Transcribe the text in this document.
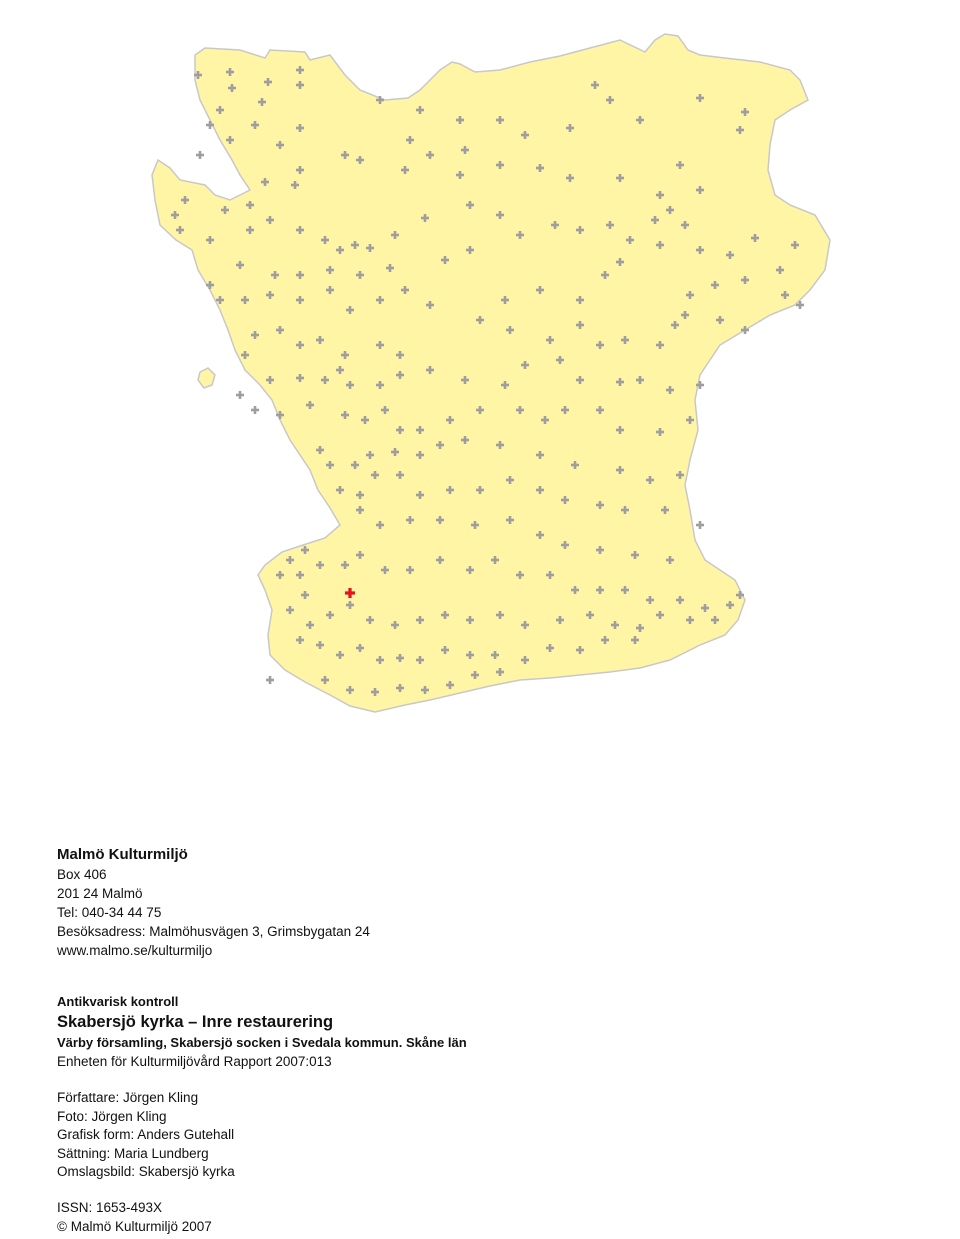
Malmö Kulturmiljö
Box 406
201 24 Malmö
Tel: 040-34 44 75
Besöksadress: Malmöhusvägen 3, Grimsbygatan 24
www.malmo.se/kulturmiljo
Antikvarisk kontroll
Skabersjö kyrka – Inre restaurering
Värby församling, Skabersjö socken i Svedala kommun. Skåne län
Enheten för Kulturmiljövård Rapport 2007:013
Författare: Jörgen Kling
Foto: Jörgen Kling
Grafisk form: Anders Gutehall
Sättning: Maria Lundberg
Omslagsbild: Skabersjö kyrka
ISSN: 1653-493X
© Malmö Kulturmiljö 2007
